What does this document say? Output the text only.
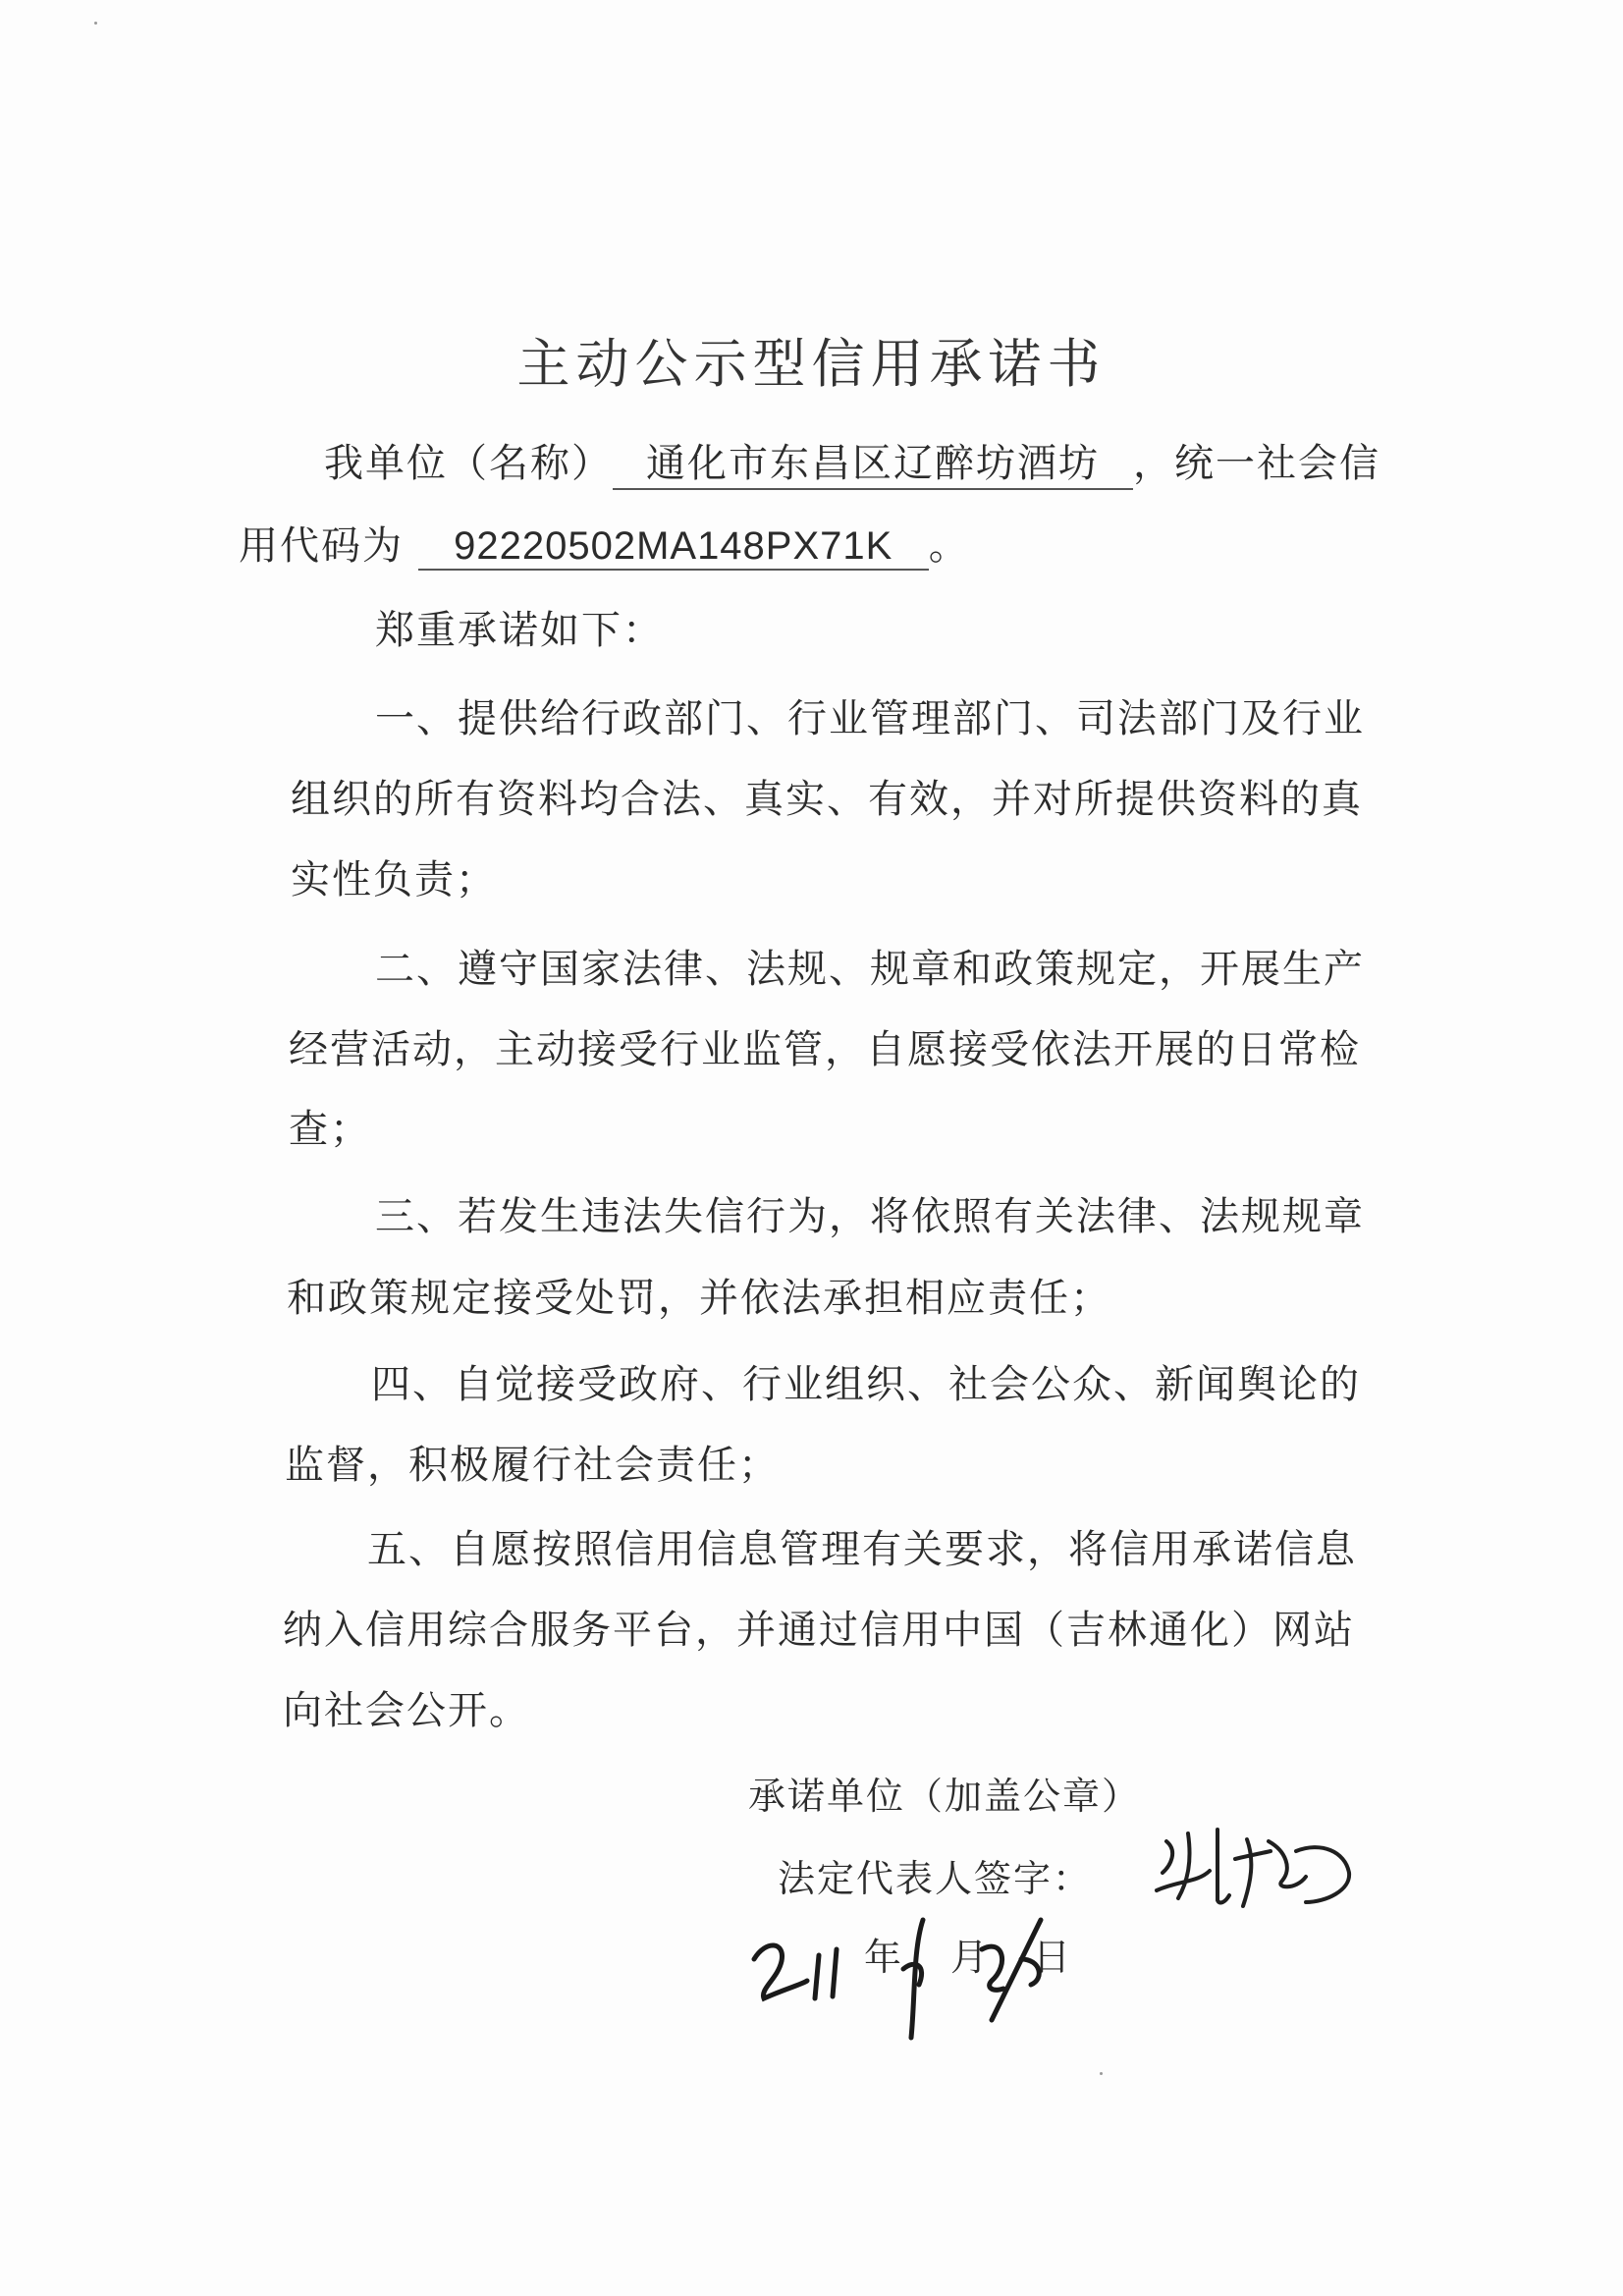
主动公示型信用承诺书
我单位（名称） 通化市东昌区辽醉坊酒坊 ，统一社会信
用代码为 92220502MA148PX71K 。
郑重承诺如下：
一、提供给行政部门、行业管理部门、司法部门及行业
组织的所有资料均合法、真实、有效，并对所提供资料的真
实性负责；
二、遵守国家法律、法规、规章和政策规定，开展生产
经营活动，主动接受行业监管，自愿接受依法开展的日常检
查；
三、若发生违法失信行为，将依照有关法律、法规规章
和政策规定接受处罚，并依法承担相应责任；
四、自觉接受政府、行业组织、社会公众、新闻舆论的
监督，积极履行社会责任；
五、自愿按照信用信息管理有关要求，将信用承诺信息
纳入信用综合服务平台，并通过信用中国（吉林通化）网站
向社会公开。
承诺单位（加盖公章）
法定代表人签字：
年 月 日
